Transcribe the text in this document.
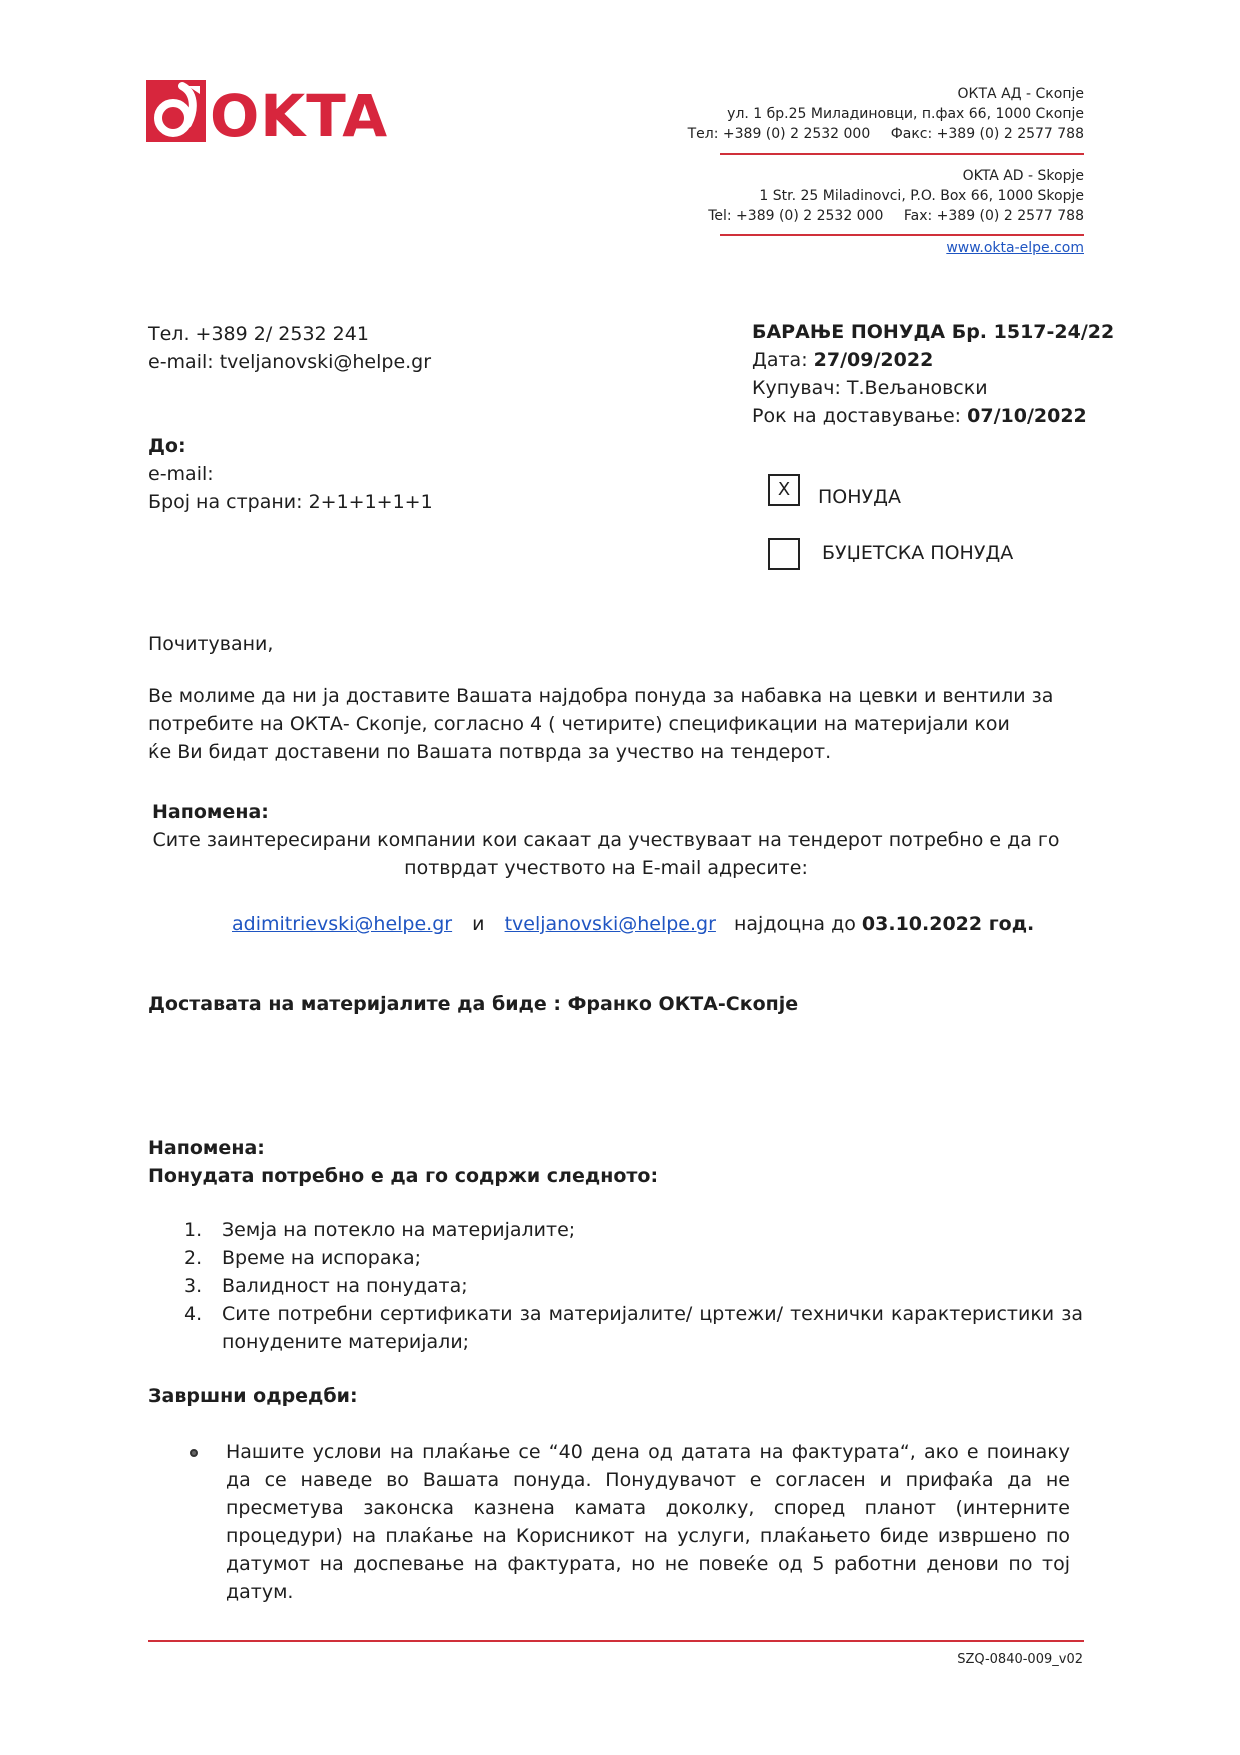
OKTA	ОКТА АД - Скопје
ул. 1 бр.25 Миладиновци, п.фах 66, 1000 Скопје
Тел: +389 (0) 2 2532 000 Факс: +389 (0) 2 2577 788
OKTA AD - Skopje
1 Str. 25 Miladinovci, P.O. Box 66, 1000 Skopje
Tel: +389 (0) 2 2532 000 Fax: +389 (0) 2 2577 788
www.okta-elpe.com
Тел. +389 2/ 2532 241
e-mail: tveljanovski@helpe.gr
БАРАЊЕ ПОНУДА Бр. 1517-24/22
Дата: 27/09/2022
Купувач: Т.Вељановски
Рок на доставување: 07/10/2022
До:
e-mail:
Број на страни: 2+1+1+1+1
X	ПОНУДА
БУЏЕТСКА ПОНУДА
Почитувани,
Ве молиме да ни ја доставите Вашата најдобра понуда за набавка на цевки и вентили за
потребите на ОКТА- Скопје, согласно 4 ( четирите) спецификации на материјали кои
ќе Ви бидат доставени по Вашата потврда за учество на тендерот.
Напомена:
Сите заинтересирани компании кои сакаат да учествуваат на тендерот потребно е да го
потврдат учеството на E-mail адресите:
adimitrievski@helpe.gr и tveljanovski@helpe.gr најдоцна до 03.10.2022 год.
Доставата на материјалите да биде : Франко ОКТА-Скопје
Напомена:
Понудата потребно е да го содржи следното:
1. Земја на потекло на материјалите;
2. Време на испорака;
3. Валидност на понудата;
4. Сите потребни сертификати за материјалите/ цртежи/ технички карактеристики за понудените материјали;
Завршни одредби:
Нашите услови на плаќање се “40 дена од датата на фактурата“, ако е поинаку да се наведе во Вашата понуда. Понудувачот е согласен и прифаќа да не пресметува законска казнена камата доколку, според планот (интерните процедури) на плаќање на Корисникот на услуги, плаќањето биде извршено по датумот на доспевање на фактурата, но не повеќе од 5 работни денови по тој датум.
SZQ-0840-009_v02
